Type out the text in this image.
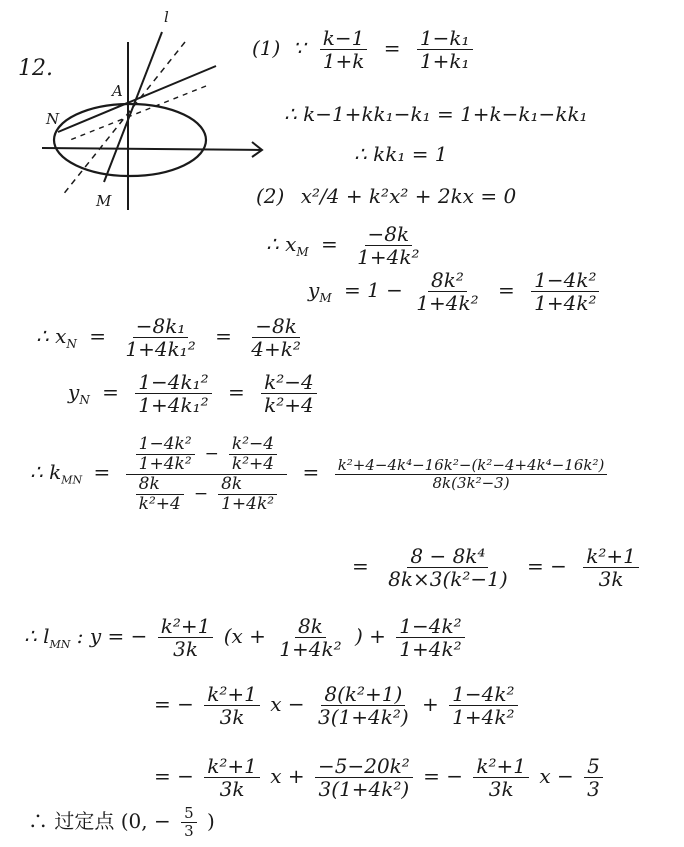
12.
l
A
N
M
(1) ∵ $\frac{k-1}{1+k} = \frac{\text{1−k₁}}{\text{1+k₁}}$
∴ k−1+kk₁−k₁ = 1+k−k₁−kk₁
∴ kk₁ = 1
(2) x²/4 + k²x² + 2kx = 0
∴ $x_M = \frac{-8k}{\text{1+4k²}}$
$y_M = 1 - \frac{\text{8k²}}{\text{1+4k²}} = \frac{\text{1−4k²}}{\text{1+4k²}}$
∴ $x_N = \frac{\text{−8k₁}}{\text{1+4k₁²}} = \frac{-8k}{\text{4+k²}}$
$y_N = \frac{\text{1−4k₁²}}{\text{1+4k₁²}} = \frac{\text{k²−4}}{\text{k²+4}}$
∴ $k_{MN} = \frac{\frac{\text{1−4k²}}{\text{1+4k²}} - \frac{\text{k²−4}}{\text{k²+4}}}{\frac{8k}{\text{k²+4}} - \frac{8k}{\text{1+4k²}}} = \frac{\text{k²+4−4k⁴−16k²−(k²−4+4k⁴−16k²)}}{\text{8k(3k²−3)}}$
= $\frac{\text{8 − 8k⁴}}{\text{8k×3(k²−1)}}$ = − $\frac{\text{k²+1}}{3k}$
∴ $l_{MN}$ : y = − $\frac{\text{k²+1}}{3k} (x + \frac{8k}{\text{1+4k²}}$ ) + $\frac{\text{1−4k²}}{\text{1+4k²}}$
= − $\frac{\text{k²+1}}{3k}$ $x - \frac{\text{8(k²+1)}}{\text{3(1+4k²)}} + \frac{\text{1−4k²}}{\text{1+4k²}}$
= − $\frac{\text{k²+1}}{3k}$ $x + \frac{\text{−5−20k²}}{\text{3(1+4k²)}}$ = − $\frac{\text{k²+1}}{3k}$ $x - \frac{5}{3}$
∴ 过定点 (0, − $\frac{5}{3}$ )
